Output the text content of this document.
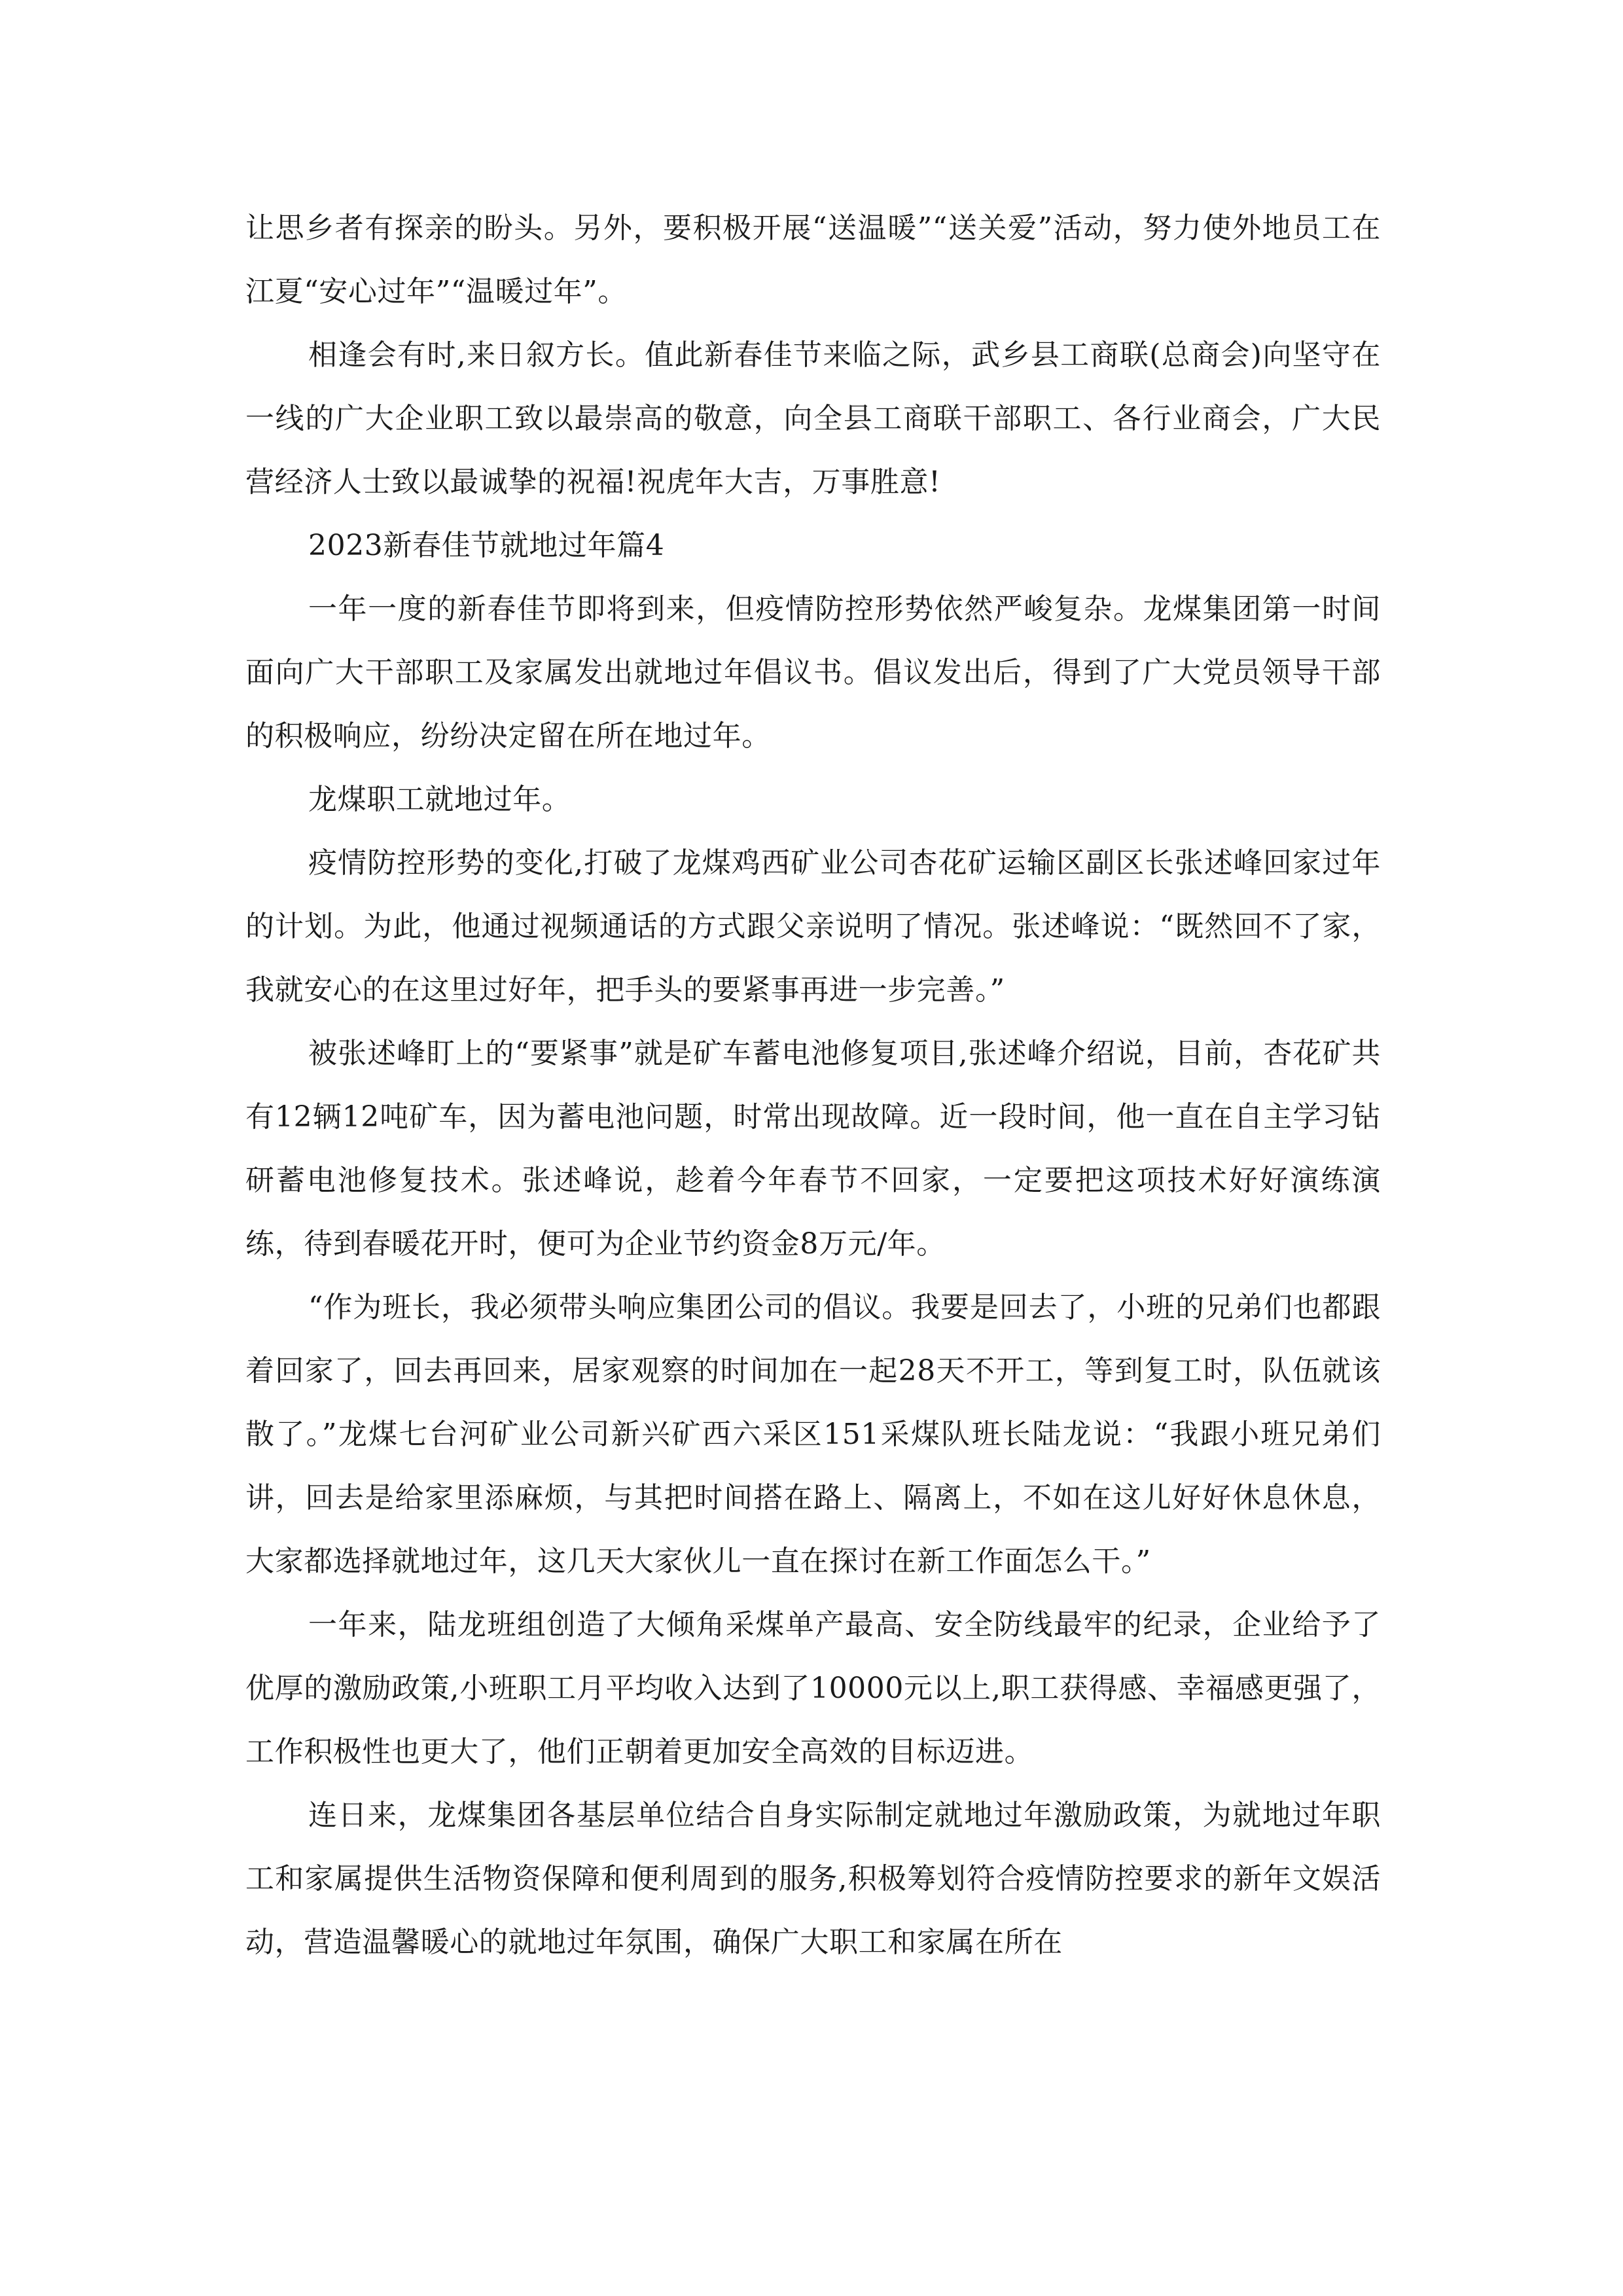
让思乡者有探亲的盼头。另外，要积极开展“送温暖”“送关爱”活动，努力使外地员工在江夏“安心过年”“温暖过年”。

相逢会有时,来日叙方长。值此新春佳节来临之际，武乡县工商联(总商会)向坚守在一线的广大企业职工致以最崇高的敬意，向全县工商联干部职工、各行业商会，广大民营经济人士致以最诚挚的祝福!祝虎年大吉，万事胜意!

2023新春佳节就地过年篇4

一年一度的新春佳节即将到来，但疫情防控形势依然严峻复杂。龙煤集团第一时间面向广大干部职工及家属发出就地过年倡议书。倡议发出后，得到了广大党员领导干部的积极响应，纷纷决定留在所在地过年。

龙煤职工就地过年。

疫情防控形势的变化,打破了龙煤鸡西矿业公司杏花矿运输区副区长张述峰回家过年的计划。为此，他通过视频通话的方式跟父亲说明了情况。张述峰说：“既然回不了家，我就安心的在这里过好年，把手头的要紧事再进一步完善。”

被张述峰盯上的“要紧事”就是矿车蓄电池修复项目,张述峰介绍说，目前，杏花矿共有12辆12吨矿车，因为蓄电池问题，时常出现故障。近一段时间，他一直在自主学习钻研蓄电池修复技术。张述峰说，趁着今年春节不回家，一定要把这项技术好好演练演练，待到春暖花开时，便可为企业节约资金8万元/年。

“作为班长，我必须带头响应集团公司的倡议。我要是回去了，小班的兄弟们也都跟着回家了，回去再回来，居家观察的时间加在一起28天不开工，等到复工时，队伍就该散了。”龙煤七台河矿业公司新兴矿西六采区151采煤队班长陆龙说：“我跟小班兄弟们讲，回去是给家里添麻烦，与其把时间搭在路上、隔离上，不如在这儿好好休息休息，大家都选择就地过年，这几天大家伙儿一直在探讨在新工作面怎么干。”

一年来，陆龙班组创造了大倾角采煤单产最高、安全防线最牢的纪录，企业给予了优厚的激励政策,小班职工月平均收入达到了10000元以上,职工获得感、幸福感更强了，工作积极性也更大了，他们正朝着更加安全高效的目标迈进。

连日来，龙煤集团各基层单位结合自身实际制定就地过年激励政策，为就地过年职工和家属提供生活物资保障和便利周到的服务,积极筹划符合疫情防控要求的新年文娱活动，营造温馨暖心的就地过年氛围，确保广大职工和家属在所在
